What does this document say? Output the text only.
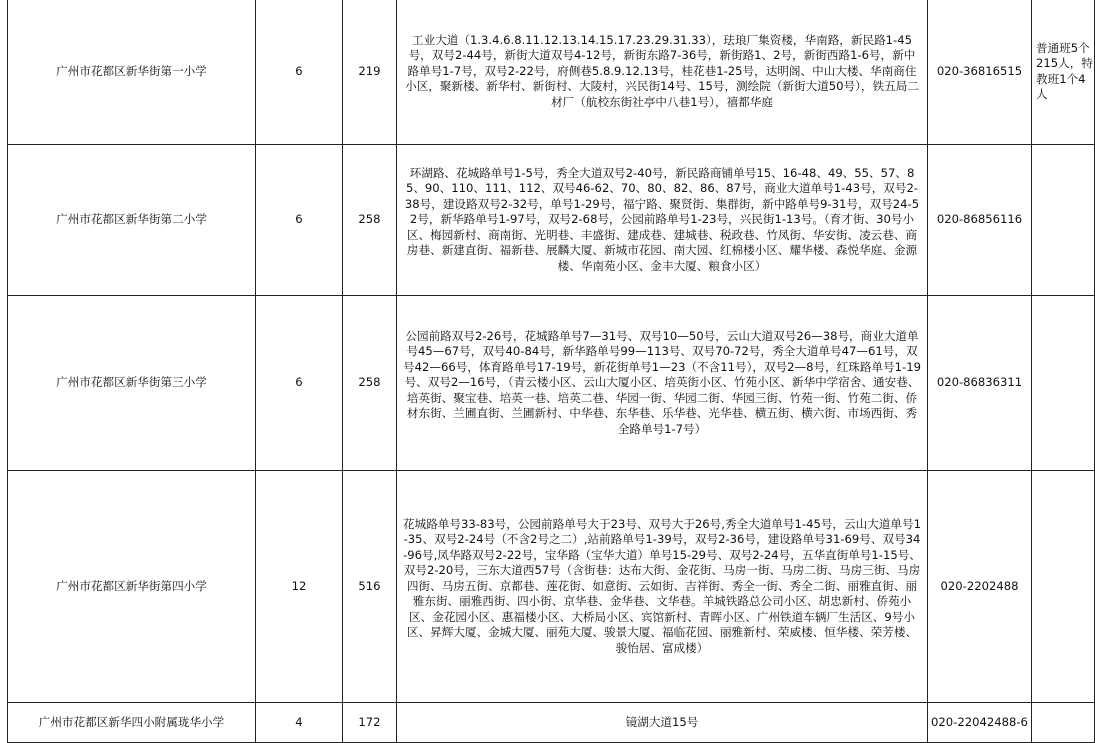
广州市花都区新华街第一小学	6	219	工业大道（1.3.4.6.8.11.12.13.14.15.17.23.29.31.33），珐琅厂集资楼，华南路，新民路1-45号，双号2-44号，新街大道双号4-12号，新街东路7-36号，新街路1、2号，新街西路1-6号，新中路单号1-7号，双号2-22号，府侧巷5.8.9.12.13号，桂花巷1-25号，达明阁、中山大楼、华南商住小区，聚新楼、新华村、新街村、大陵村，兴民街14号、15号，测绘院（新街大道50号），铁五局二材厂（航校东街社亭中八巷1号），禧都华庭	020-36816515	普通班5个215人，特教班1个4人
广州市花都区新华街第二小学	6	258	环湖路、花城路单号1-5号，秀全大道双号2-40号，新民路商铺单号15、16-48、49、55、57、85、90、110、111、112、双号46-62、70、80、82、86、87号，商业大道单号1-43号，双号2-38号，建设路双号2-32号，单号1-29号，福宁路、聚贤街、集群街，新中路单号9-31号，双号24-52号，新华路单号1-97号，双号2-68号，公园前路单号1-23号，兴民街1-13号。（育才街、30号小区、梅园新村、商南街、光明巷、丰盛街、建成巷、建城巷、税政巷、竹凤街、华安街、凌云巷、商房巷、新建直街、福新巷、展麟大厦、新城市花园、南大园、红棉楼小区、耀华楼、森悦华庭、金源楼、华南苑小区、金丰大厦、粮食小区）	020-86856116	
广州市花都区新华街第三小学	6	258	公园前路双号2-26号，花城路单号7—31号、双号10—50号，云山大道双号26—38号，商业大道单号45—67号，双号40-84号，新华路单号99—113号、双号70-72号，秀全大道单号47—61号，双号42—66号，体育路单号17-19号，新花街单号1—23（不含11号），双号2—8号，红珠路单号1-19号、双号2—16号，（青云楼小区、云山大厦小区、培英街小区、竹苑小区、新华中学宿舍、通安巷、培英街、聚宝巷、培英一巷、培英二巷、华园一街、华园二街、华园三街、竹苑一街、竹苑二街、侨材东街、兰圃直街、兰圃新村、中华巷、东华巷、乐华巷、光华巷、横五街、横六街、市场西街、秀全路单号1-7号）	020-86836311	
广州市花都区新华街第四小学	12	516	花城路单号33-83号，公园前路单号大于23号、双号大于26号,秀全大道单号1-45号，云山大道单号1-35、双号2-24号（不含2号之二）,站前路单号1-39号，双号2-36号，建设路单号31-69号、双号34-96号,凤华路双号2-22号，宝华路（宝华大道）单号15-29号、双号2-24号，五华直街单号1-15号、双号2-20号，三东大道西57号（含街巷：达布大街、金花街、马房一街、马房二街、马房三街、马房四街、马房五街、京都巷、莲花街、如意街、云如街、吉祥街、秀全一街、秀全二街、丽雅直街、丽雅东街、丽雅西街、四小街、京华巷、金华巷、文华巷。羊城铁路总公司小区、胡忠新村、侨苑小区、金花园小区、惠福楼小区、大桥局小区、宾馆新村、青晖小区、广州铁道车辆厂生活区、9号小区、昇辉大厦、金城大厦、丽苑大厦、骏景大厦、福临花园、丽雅新村、荣威楼、恒华楼、荣芳楼、骏怡居、富成楼）	020-2202488	
广州市花都区新华四小附属珑华小学	4	172	镜湖大道15号	020-22042488-6	
